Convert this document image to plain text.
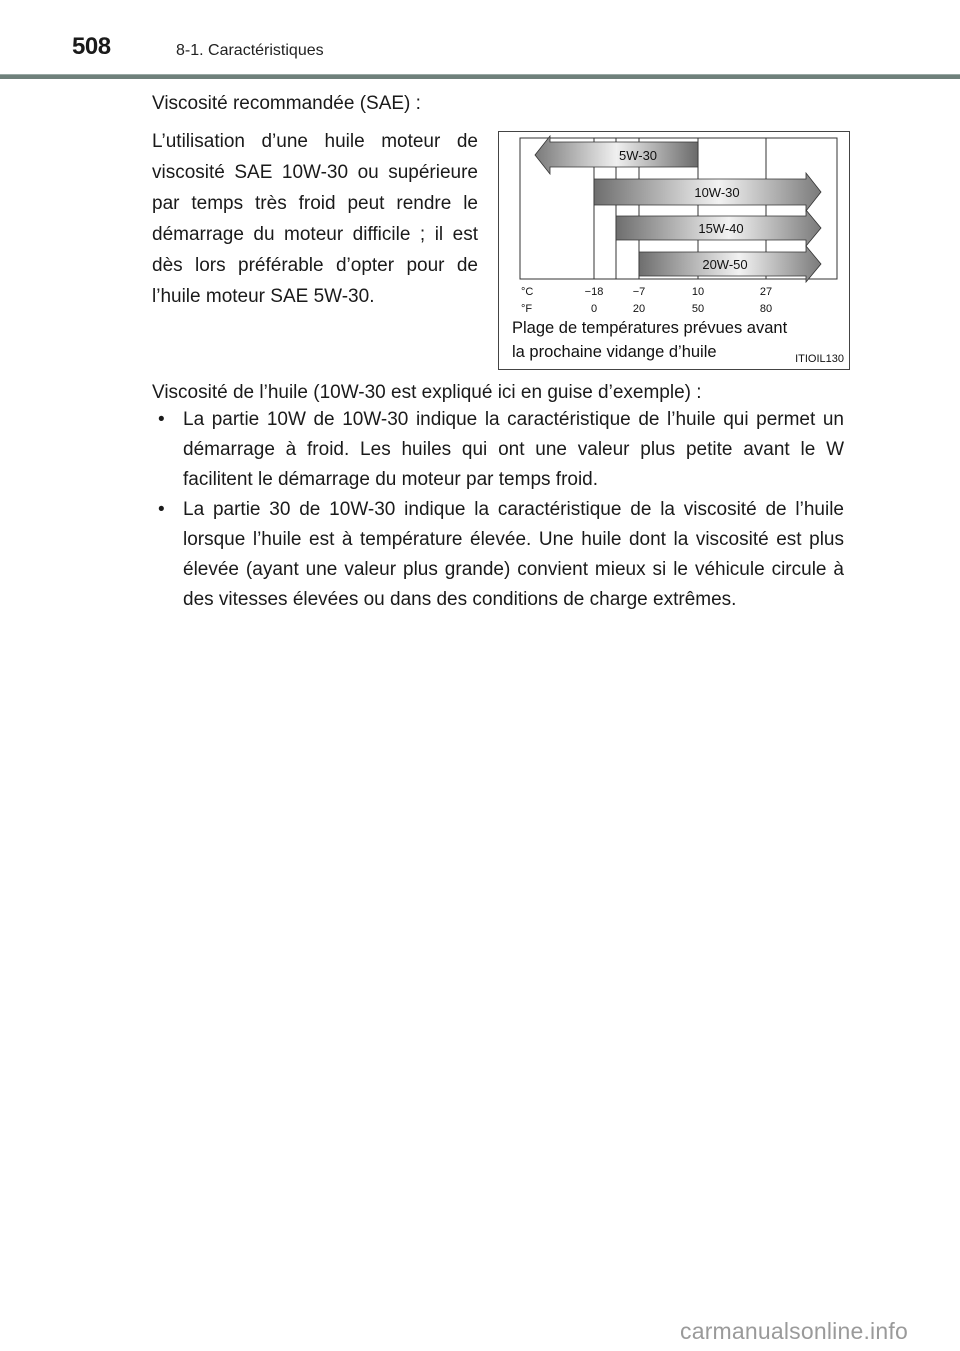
508	8-1. Caractéristiques
Viscosité recommandée (SAE) :
L’utilisation d’une huile moteur de viscosité SAE 10W-30 ou supérieure par temps très froid peut rendre le démarrage du moteur difficile ; il est dès lors préférable d’opter pour de l’huile moteur SAE 5W-30.
5W-30
10W-30
15W-40
20W-50
°C	−18	−7	10	27
°F	0	20	50	80
Plage de températures prévues avant
la prochaine vidange d’huile	ITIOIL130
Viscosité de l’huile (10W-30 est expliqué ici en guise d’exemple) :
• La partie 10W de 10W-30 indique la caractéristique de l’huile qui permet un démarrage à froid. Les huiles qui ont une valeur plus petite avant le W facilitent le démarrage du moteur par temps froid.
• La partie 30 de 10W-30 indique la caractéristique de la viscosité de l’huile lorsque l’huile est à température élevée. Une huile dont la viscosité est plus élevée (ayant une valeur plus grande) convient mieux si le véhicule circule à des vitesses élevées ou dans des conditions de charge extrêmes.
carmanualsonline.info
